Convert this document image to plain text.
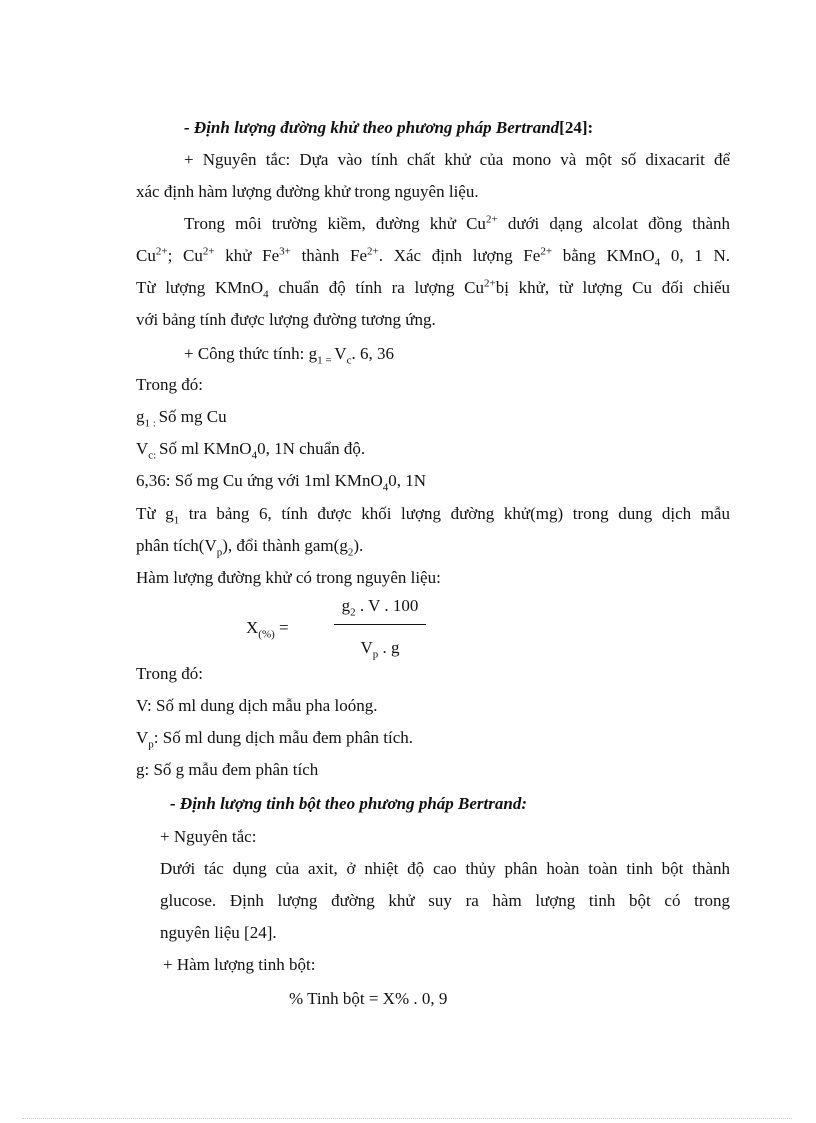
- Định lượng đường khử theo phương pháp Bertrand[24]:
+ Nguyên tắc: Dựa vào tính chất khử của mono và một số dixacarit để
xác định hàm lượng đường khử trong nguyên liệu.
Trong môi trường kiềm, đường khử $Cu^{2+}$ dưới dạng alcolat đồng thành
$Cu^{2+}$; $Cu^{2+}$ khử $Fe^{3+}$ thành $Fe^{2+}$. Xác định lượng $Fe^{2+}$ bằng KMnO$_4$ 0, 1 N.
Từ lượng KMnO$_4$ chuẩn độ tính ra lượng $Cu^{2+}bị$ khử, từ lượng Cu đối chiếu
với bảng tính được lượng đường tương ứng.
+ Công thức tính: $g_{1 =}$ $V_c$. 6, 36
Trong đó:
$g_{1 :}$ Số mg Cu
$V_{c:}$ Số ml KMnO$_4$0, 1N chuẩn độ.
6,36: Số mg Cu ứng với 1ml KMnO$_4$0, 1N
Từ $g_1$ tra bảng 6, tính được khối lượng đường khử(mg) trong dung dịch mẫu
phân $tích(V_p)$, đổi thành $gam(g_2)$.
Hàm lượng đường khử có trong nguyên liệu:
$X_{(\%)}$ =
$g_2$ . V . 100
$V_p$ . g
Trong đó:
V: Số ml dung dịch mẫu pha loóng.
$V_p$: Số ml dung dịch mẫu đem phân tích.
g: Số g mẫu đem phân tích
- Định lượng tinh bột theo phương pháp Bertrand:
+ Nguyên tắc:
Dưới tác dụng của axit, ở nhiệt độ cao thủy phân hoàn toàn tinh bột thành
glucose. Định lượng đường khử suy ra hàm lượng tinh bột có trong
nguyên liệu [24].
+ Hàm lượng tinh bột:
% Tinh bột = X% . 0, 9
